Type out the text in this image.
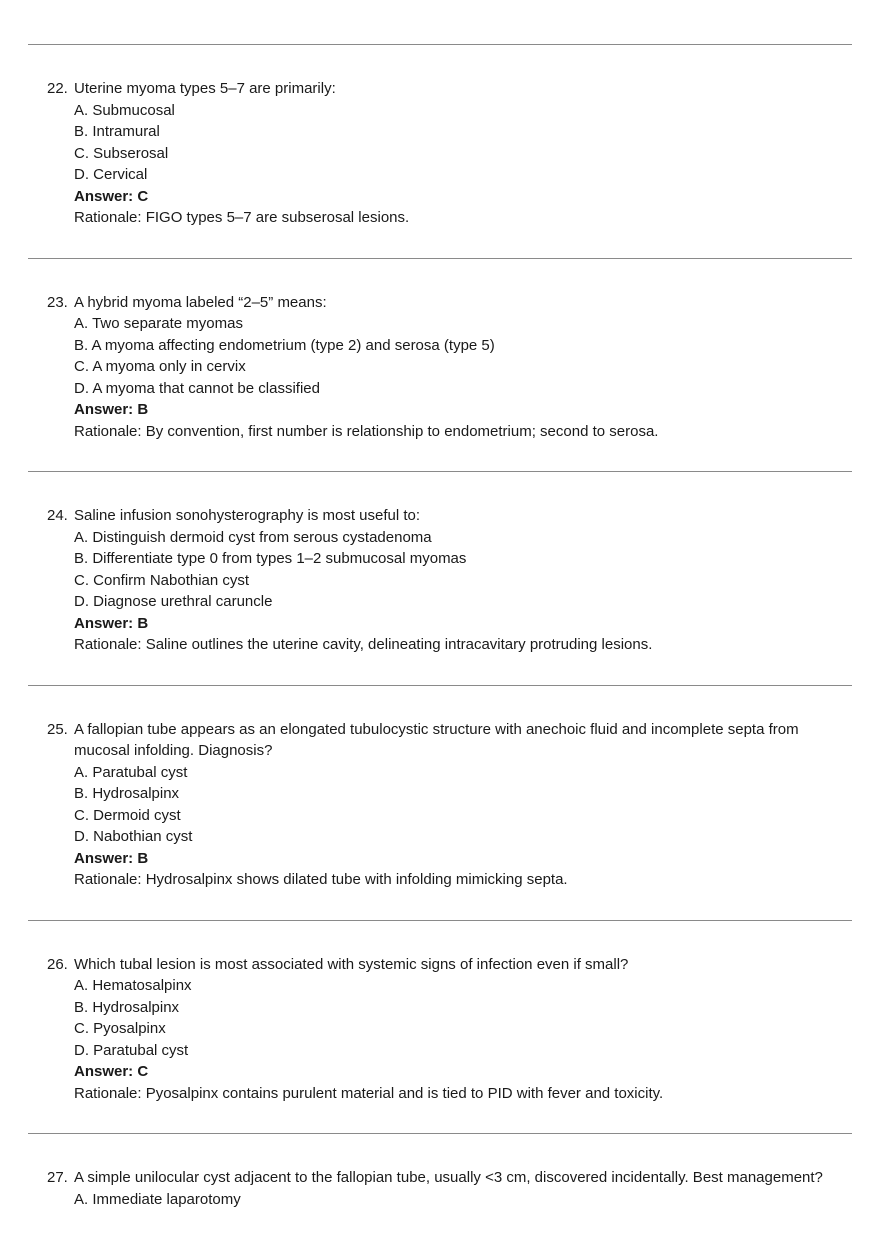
22. Uterine myoma types 5–7 are primarily:
A. Submucosal
B. Intramural
C. Subserosal
D. Cervical
Answer: C
Rationale: FIGO types 5–7 are subserosal lesions.
23. A hybrid myoma labeled “2–5” means:
A. Two separate myomas
B. A myoma affecting endometrium (type 2) and serosa (type 5)
C. A myoma only in cervix
D. A myoma that cannot be classified
Answer: B
Rationale: By convention, first number is relationship to endometrium; second to serosa.
24. Saline infusion sonohysterography is most useful to:
A. Distinguish dermoid cyst from serous cystadenoma
B. Differentiate type 0 from types 1–2 submucosal myomas
C. Confirm Nabothian cyst
D. Diagnose urethral caruncle
Answer: B
Rationale: Saline outlines the uterine cavity, delineating intracavitary protruding lesions.
25. A fallopian tube appears as an elongated tubulocystic structure with anechoic fluid and incomplete septa from mucosal infolding. Diagnosis?
A. Paratubal cyst
B. Hydrosalpinx
C. Dermoid cyst
D. Nabothian cyst
Answer: B
Rationale: Hydrosalpinx shows dilated tube with infolding mimicking septa.
26. Which tubal lesion is most associated with systemic signs of infection even if small?
A. Hematosalpinx
B. Hydrosalpinx
C. Pyosalpinx
D. Paratubal cyst
Answer: C
Rationale: Pyosalpinx contains purulent material and is tied to PID with fever and toxicity.
27. A simple unilocular cyst adjacent to the fallopian tube, usually <3 cm, discovered incidentally. Best management?
A. Immediate laparotomy
